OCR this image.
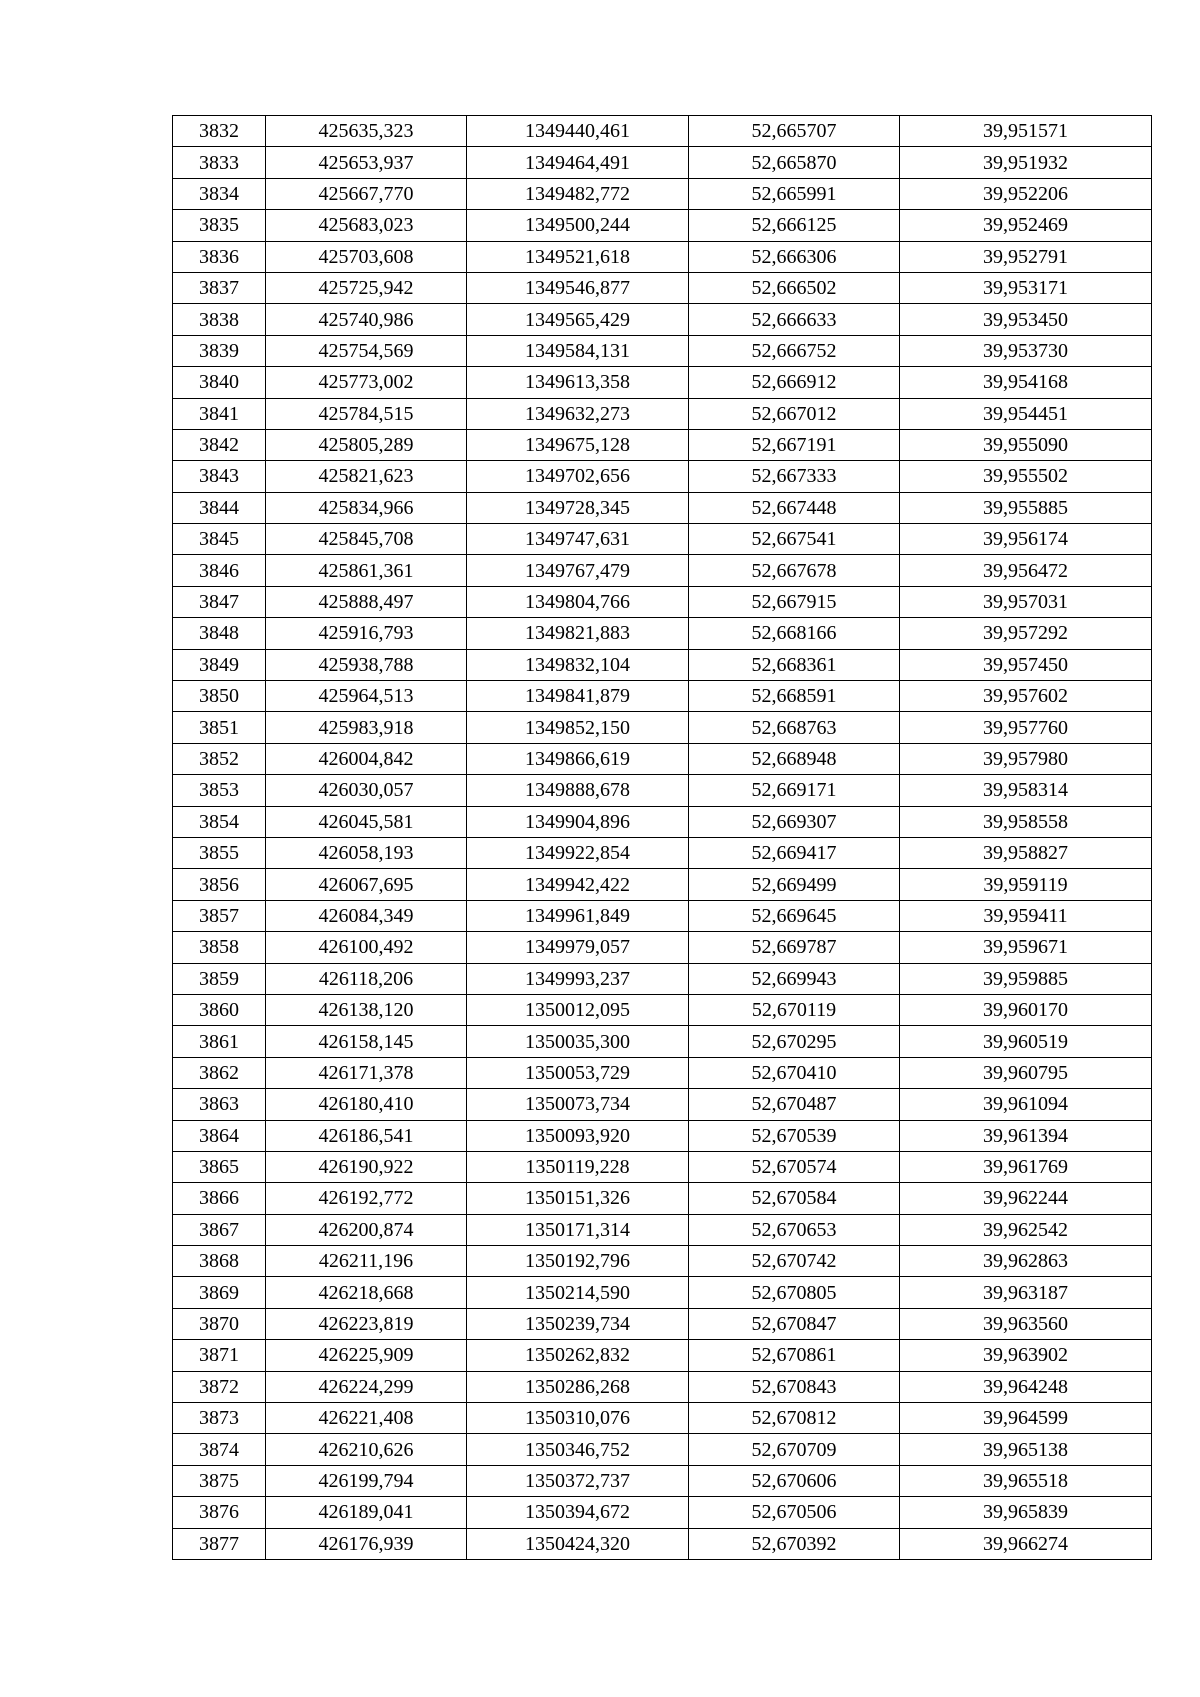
3832	425635,323	1349440,461	52,665707	39,951571
3833	425653,937	1349464,491	52,665870	39,951932
3834	425667,770	1349482,772	52,665991	39,952206
3835	425683,023	1349500,244	52,666125	39,952469
3836	425703,608	1349521,618	52,666306	39,952791
3837	425725,942	1349546,877	52,666502	39,953171
3838	425740,986	1349565,429	52,666633	39,953450
3839	425754,569	1349584,131	52,666752	39,953730
3840	425773,002	1349613,358	52,666912	39,954168
3841	425784,515	1349632,273	52,667012	39,954451
3842	425805,289	1349675,128	52,667191	39,955090
3843	425821,623	1349702,656	52,667333	39,955502
3844	425834,966	1349728,345	52,667448	39,955885
3845	425845,708	1349747,631	52,667541	39,956174
3846	425861,361	1349767,479	52,667678	39,956472
3847	425888,497	1349804,766	52,667915	39,957031
3848	425916,793	1349821,883	52,668166	39,957292
3849	425938,788	1349832,104	52,668361	39,957450
3850	425964,513	1349841,879	52,668591	39,957602
3851	425983,918	1349852,150	52,668763	39,957760
3852	426004,842	1349866,619	52,668948	39,957980
3853	426030,057	1349888,678	52,669171	39,958314
3854	426045,581	1349904,896	52,669307	39,958558
3855	426058,193	1349922,854	52,669417	39,958827
3856	426067,695	1349942,422	52,669499	39,959119
3857	426084,349	1349961,849	52,669645	39,959411
3858	426100,492	1349979,057	52,669787	39,959671
3859	426118,206	1349993,237	52,669943	39,959885
3860	426138,120	1350012,095	52,670119	39,960170
3861	426158,145	1350035,300	52,670295	39,960519
3862	426171,378	1350053,729	52,670410	39,960795
3863	426180,410	1350073,734	52,670487	39,961094
3864	426186,541	1350093,920	52,670539	39,961394
3865	426190,922	1350119,228	52,670574	39,961769
3866	426192,772	1350151,326	52,670584	39,962244
3867	426200,874	1350171,314	52,670653	39,962542
3868	426211,196	1350192,796	52,670742	39,962863
3869	426218,668	1350214,590	52,670805	39,963187
3870	426223,819	1350239,734	52,670847	39,963560
3871	426225,909	1350262,832	52,670861	39,963902
3872	426224,299	1350286,268	52,670843	39,964248
3873	426221,408	1350310,076	52,670812	39,964599
3874	426210,626	1350346,752	52,670709	39,965138
3875	426199,794	1350372,737	52,670606	39,965518
3876	426189,041	1350394,672	52,670506	39,965839
3877	426176,939	1350424,320	52,670392	39,966274
